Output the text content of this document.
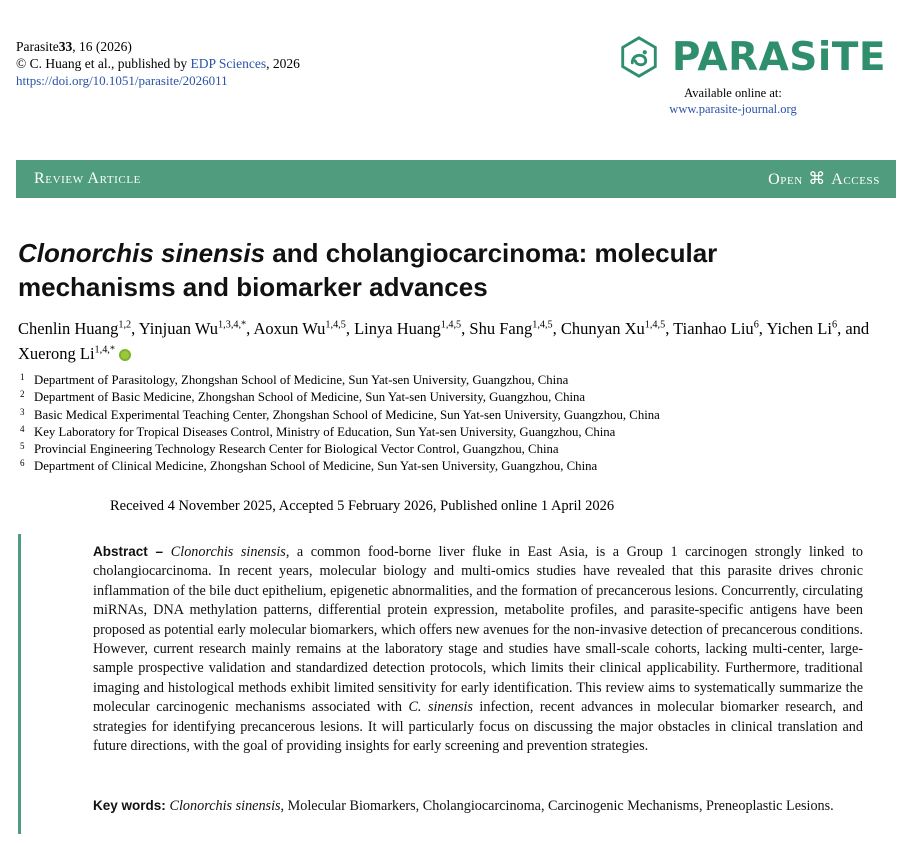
Parasite33, 16 (2026)
© C. Huang et al., published by EDP Sciences, 2026
https://doi.org/10.1051/parasite/2026011
PARASiTE
Available online at:
www.parasite-journal.org
Review Article	Open ⌘ Access
Clonorchis sinensis and cholangiocarcinoma: molecular mechanisms and biomarker advances
Chenlin Huang$^{1,2}$, Yinjuan $Wu^{1,3,4,*}$, Aoxun Wu$^{1,4,5}$, Linya Huang$^{1,4,5}$, Shu Fang$^{1,4,5}$, Chunyan Xu$^{1,4,5}$, Tianhao Liu$^6$, Yichen Li$^6$, and Xuerong $Li^{1,4,*}$
1 Department of Parasitology, Zhongshan School of Medicine, Sun Yat-sen University, Guangzhou, China
2 Department of Basic Medicine, Zhongshan School of Medicine, Sun Yat-sen University, Guangzhou, China
3 Basic Medical Experimental Teaching Center, Zhongshan School of Medicine, Sun Yat-sen University, Guangzhou, China
4 Key Laboratory for Tropical Diseases Control, Ministry of Education, Sun Yat-sen University, Guangzhou, China
5 Provincial Engineering Technology Research Center for Biological Vector Control, Guangzhou, China
6 Department of Clinical Medicine, Zhongshan School of Medicine, Sun Yat-sen University, Guangzhou, China
Received 4 November 2025, Accepted 5 February 2026, Published online 1 April 2026
Abstract – Clonorchis sinensis, a common food-borne liver fluke in East Asia, is a Group 1 carcinogen strongly linked to cholangiocarcinoma. In recent years, molecular biology and multi-omics studies have revealed that this parasite drives chronic inflammation of the bile duct epithelium, epigenetic abnormalities, and the formation of precancerous lesions. Concurrently, circulating miRNAs, DNA methylation patterns, differential protein expression, metabolite profiles, and parasite-specific antigens have been proposed as potential early molecular biomarkers, which offers new avenues for the non-invasive detection of precancerous conditions. However, current research mainly remains at the laboratory stage and studies have small-scale cohorts, lacking multi-center, large-sample prospective validation and standardized detection protocols, which limits their clinical applicability. Furthermore, traditional imaging and histological methods exhibit limited sensitivity for early identification. This review aims to systematically summarize the molecular carcinogenic mechanisms associated with C. sinensis infection, recent advances in molecular biomarker research, and strategies for identifying precancerous lesions. It will particularly focus on discussing the major obstacles in clinical translation and future directions, with the goal of providing insights for early screening and prevention strategies.
Key words: Clonorchis sinensis, Molecular Biomarkers, Cholangiocarcinoma, Carcinogenic Mechanisms, Preneoplastic Lesions.
